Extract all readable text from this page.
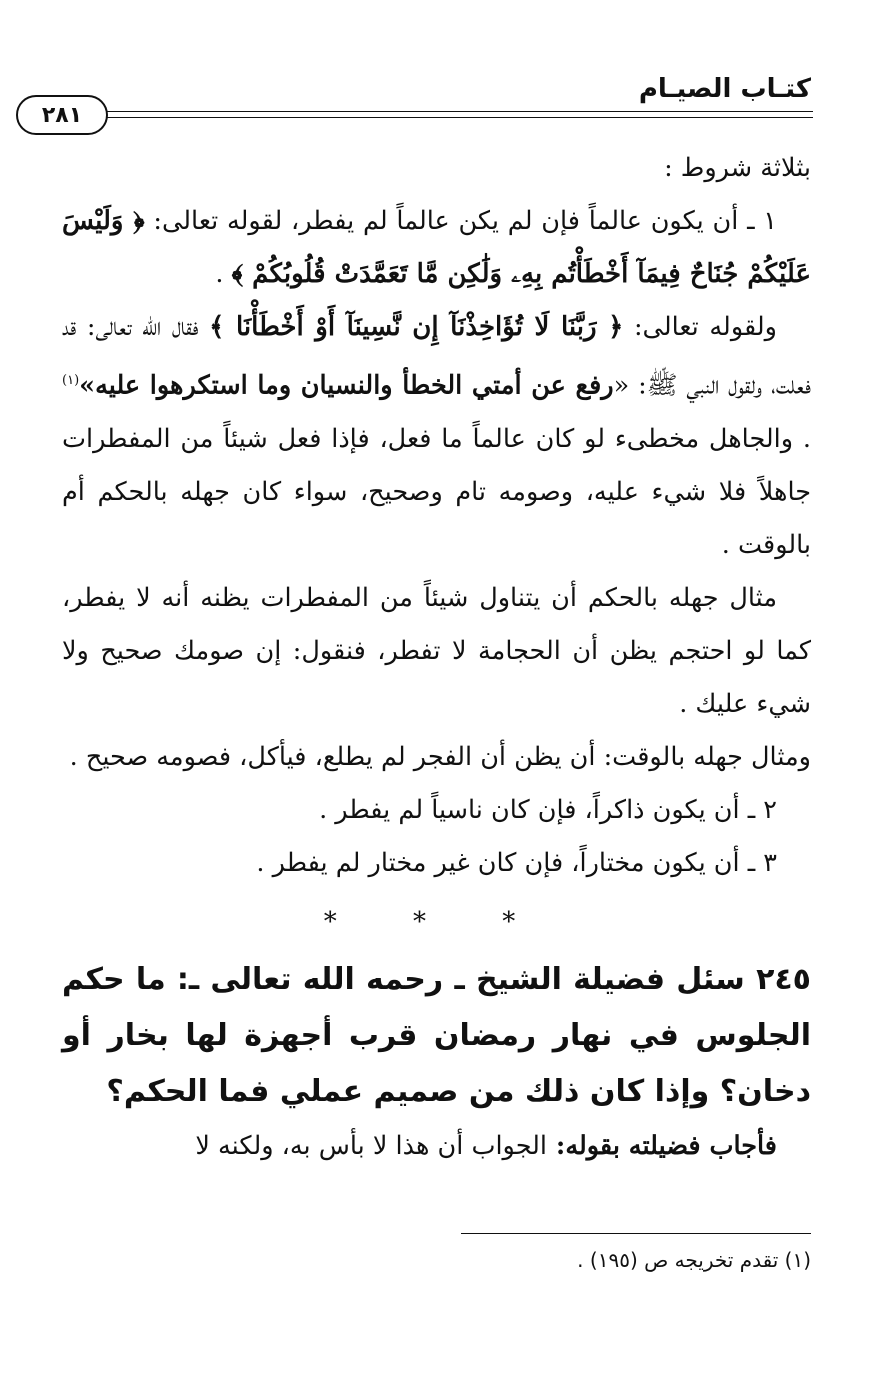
كتـاب الصيـام
٢٨١

بثلاثة شروط :

١ ـ أن يكون عالماً فإن لم يكن عالماً لم يفطر، لقوله تعالى: ﴿ وَلَيْسَ عَلَيْكُمْ جُنَاحٌ فِيمَآ أَخْطَأْتُم بِهِۦ وَلَٰكِن مَّا تَعَمَّدَتْ قُلُوبُكُمْ ﴾ .

ولقوله تعالى: ﴿ رَبَّنَا لَا تُؤَاخِذْنَآ إِن نَّسِينَآ أَوْ أَخْطَأْنَا ﴾ فقال الله تعالى: قد فعلت، ولقول النبي ﷺ: «رفع عن أمتي الخطأ والنسيان وما استكرهوا عليه»$^{(١)}$ . والجاهل مخطىء لو كان عالماً ما فعل، فإذا فعل شيئاً من المفطرات جاهلاً فلا شيء عليه، وصومه تام وصحيح، سواء كان جهله بالحكم أم بالوقت .

مثال جهله بالحكم أن يتناول شيئاً من المفطرات يظنه أنه لا يفطر، كما لو احتجم يظن أن الحجامة لا تفطر، فنقول: إن صومك صحيح ولا شيء عليك .

ومثال جهله بالوقت: أن يظن أن الفجر لم يطلع، فيأكل، فصومه صحيح .

٢ ـ أن يكون ذاكراً، فإن كان ناسياً لم يفطر .

٣ ـ أن يكون مختاراً، فإن كان غير مختار لم يفطر .

* * *
٢٤٥ سئل فضيلة الشيخ ـ رحمه الله تعالى ـ: ما حكم الجلوس في نهار رمضان قرب أجهزة لها بخار أو دخان؟ وإذا كان ذلك من صميم عملي فما الحكم؟

فأجاب فضيلته بقوله: الجواب أن هذا لا بأس به، ولكنه لا

(١) تقدم تخريجه ص (١٩٥) .
